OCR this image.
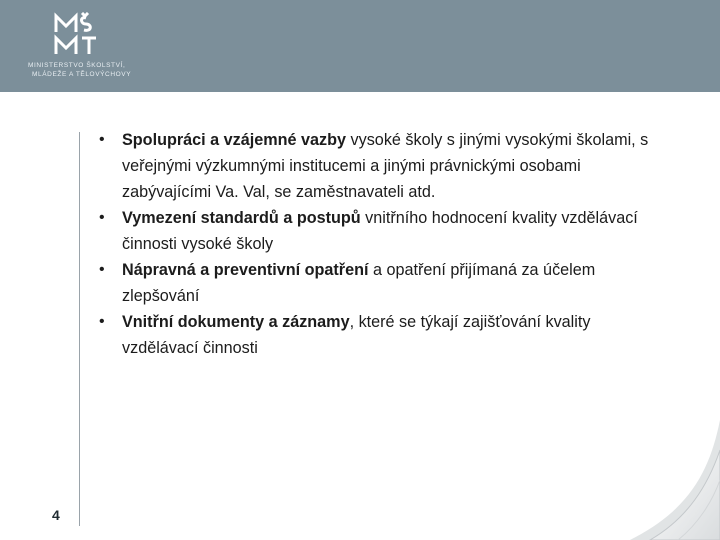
MINISTERSTVO ŠKOLSTVÍ,
MLÁDEŽE A TĚLOVÝCHOVY
• Spolupráci a vzájemné vazby vysoké školy s jinými vysokými školami, s veřejnými výzkumnými institucemi a jinými právnickými osobami zabývajícími Va. Val, se zaměstnavateli atd.
• Vymezení standardů a postupů vnitřního hodnocení kvality vzdělávací činnosti vysoké školy
• Nápravná a preventivní opatření a opatření přijímaná za účelem zlepšování
• Vnitřní dokumenty a záznamy, které se týkají zajišťování kvality vzdělávací činnosti
4
